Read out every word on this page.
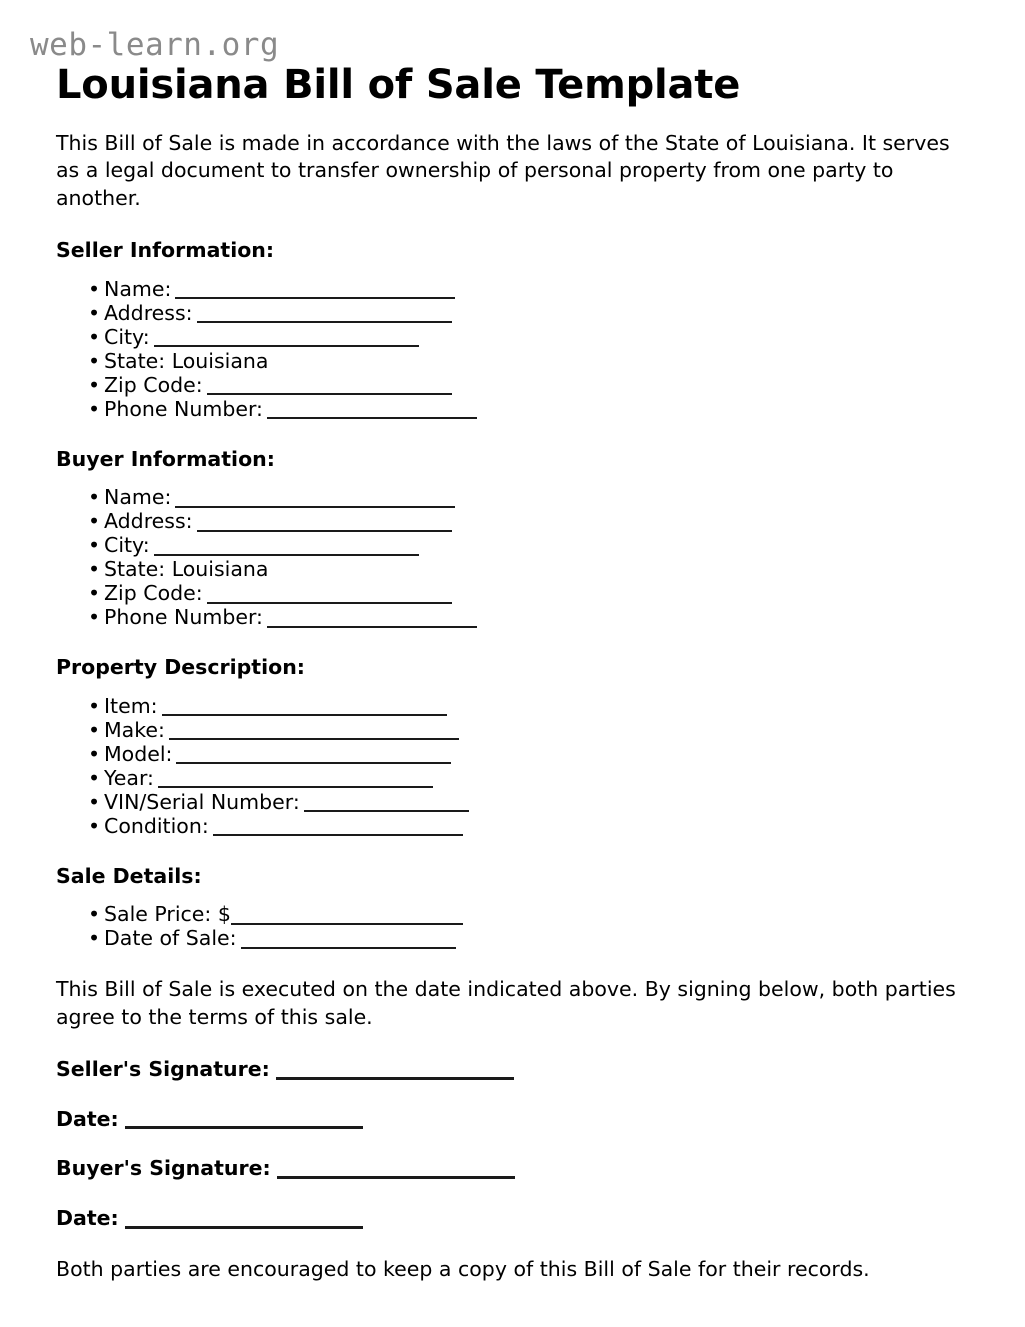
web-learn.org
Louisiana Bill of Sale Template

This Bill of Sale is made in accordance with the laws of the State of Louisiana. It serves as a legal document to transfer ownership of personal property from one party to another.

Seller Information:
• Name:
• Address:
• City:
• State: Louisiana
• Zip Code:
• Phone Number:
Buyer Information:
• Name:
• Address:
• City:
• State: Louisiana
• Zip Code:
• Phone Number:
Property Description:
• Item:
• Make:
• Model:
• Year:
• VIN/Serial Number:
• Condition:
Sale Details:
• Sale Price: $
• Date of Sale:

This Bill of Sale is executed on the date indicated above. By signing below, both parties agree to the terms of this sale.

Seller's Signature:
Date:
Buyer's Signature:
Date:

Both parties are encouraged to keep a copy of this Bill of Sale for their records.
